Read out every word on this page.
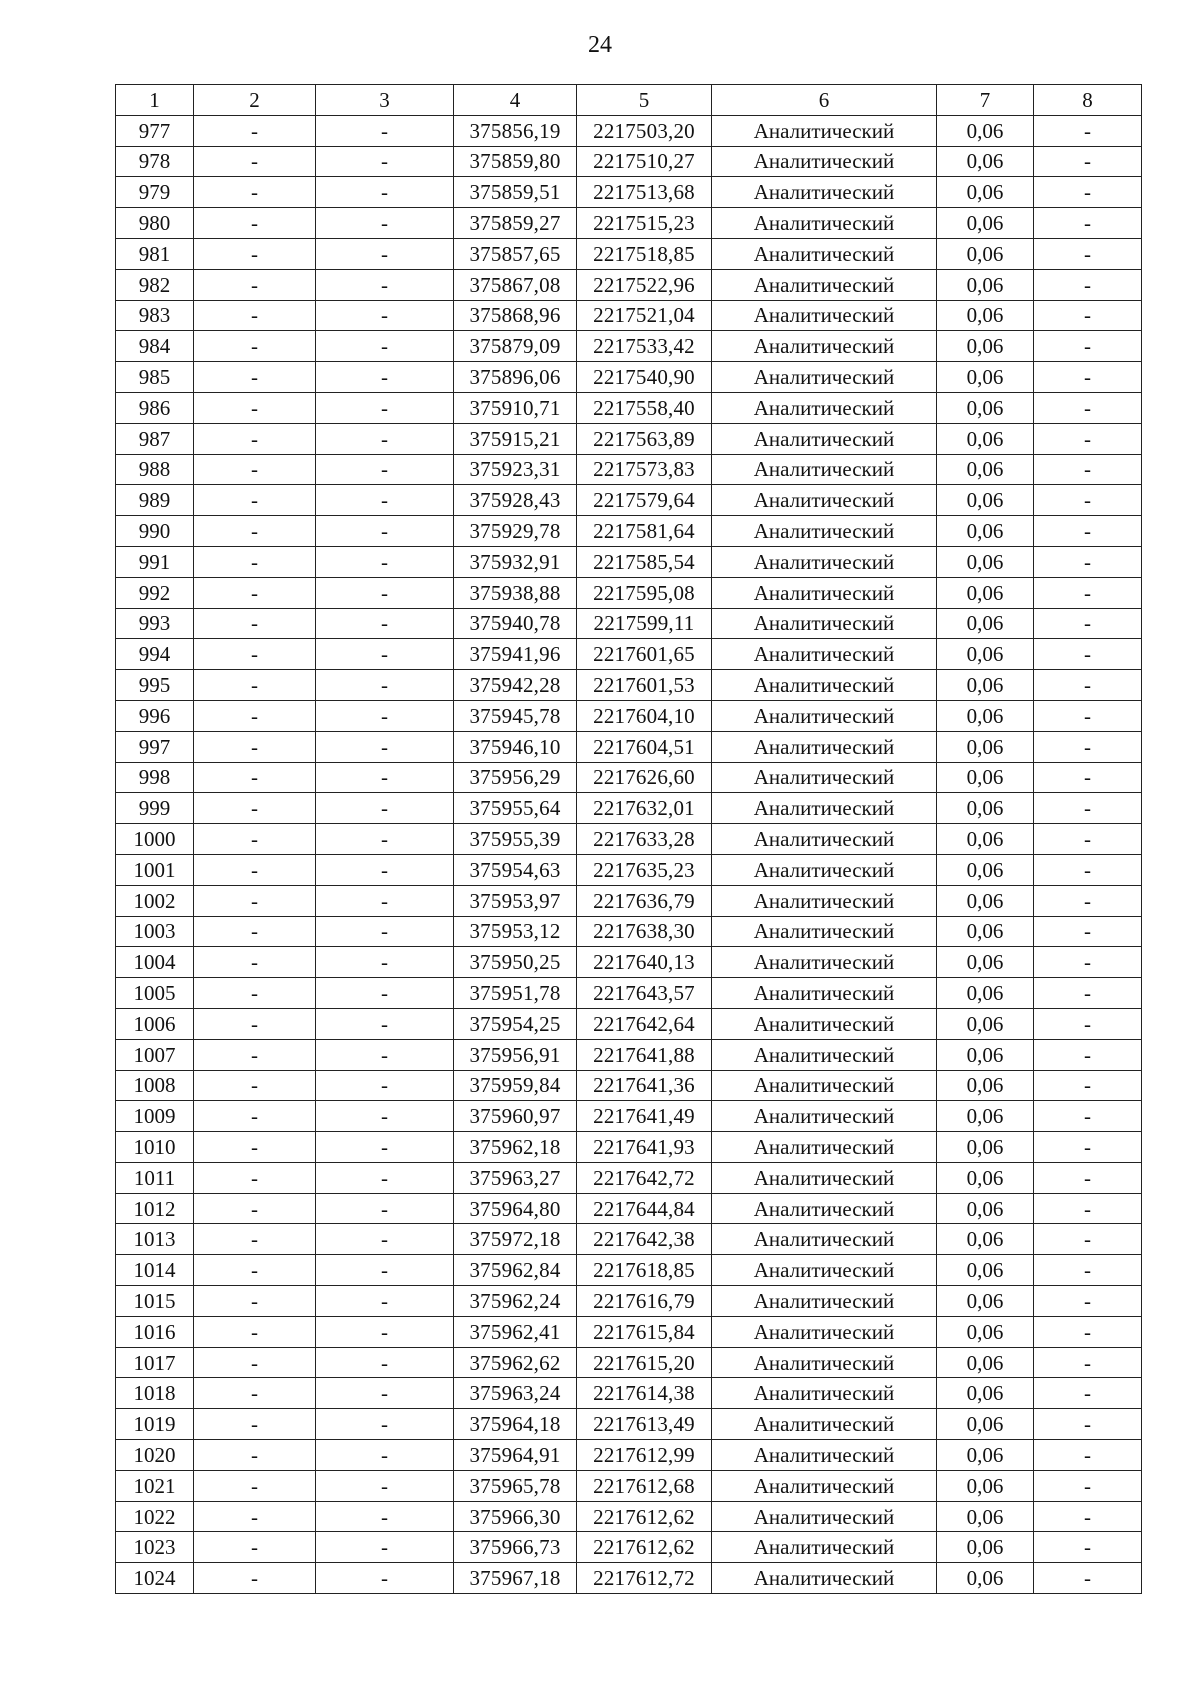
24
1	2	3	4	5	6	7	8
977	-	-	375856,19	2217503,20	Аналитический	0,06	-
978	-	-	375859,80	2217510,27	Аналитический	0,06	-
979	-	-	375859,51	2217513,68	Аналитический	0,06	-
980	-	-	375859,27	2217515,23	Аналитический	0,06	-
981	-	-	375857,65	2217518,85	Аналитический	0,06	-
982	-	-	375867,08	2217522,96	Аналитический	0,06	-
983	-	-	375868,96	2217521,04	Аналитический	0,06	-
984	-	-	375879,09	2217533,42	Аналитический	0,06	-
985	-	-	375896,06	2217540,90	Аналитический	0,06	-
986	-	-	375910,71	2217558,40	Аналитический	0,06	-
987	-	-	375915,21	2217563,89	Аналитический	0,06	-
988	-	-	375923,31	2217573,83	Аналитический	0,06	-
989	-	-	375928,43	2217579,64	Аналитический	0,06	-
990	-	-	375929,78	2217581,64	Аналитический	0,06	-
991	-	-	375932,91	2217585,54	Аналитический	0,06	-
992	-	-	375938,88	2217595,08	Аналитический	0,06	-
993	-	-	375940,78	2217599,11	Аналитический	0,06	-
994	-	-	375941,96	2217601,65	Аналитический	0,06	-
995	-	-	375942,28	2217601,53	Аналитический	0,06	-
996	-	-	375945,78	2217604,10	Аналитический	0,06	-
997	-	-	375946,10	2217604,51	Аналитический	0,06	-
998	-	-	375956,29	2217626,60	Аналитический	0,06	-
999	-	-	375955,64	2217632,01	Аналитический	0,06	-
1000	-	-	375955,39	2217633,28	Аналитический	0,06	-
1001	-	-	375954,63	2217635,23	Аналитический	0,06	-
1002	-	-	375953,97	2217636,79	Аналитический	0,06	-
1003	-	-	375953,12	2217638,30	Аналитический	0,06	-
1004	-	-	375950,25	2217640,13	Аналитический	0,06	-
1005	-	-	375951,78	2217643,57	Аналитический	0,06	-
1006	-	-	375954,25	2217642,64	Аналитический	0,06	-
1007	-	-	375956,91	2217641,88	Аналитический	0,06	-
1008	-	-	375959,84	2217641,36	Аналитический	0,06	-
1009	-	-	375960,97	2217641,49	Аналитический	0,06	-
1010	-	-	375962,18	2217641,93	Аналитический	0,06	-
1011	-	-	375963,27	2217642,72	Аналитический	0,06	-
1012	-	-	375964,80	2217644,84	Аналитический	0,06	-
1013	-	-	375972,18	2217642,38	Аналитический	0,06	-
1014	-	-	375962,84	2217618,85	Аналитический	0,06	-
1015	-	-	375962,24	2217616,79	Аналитический	0,06	-
1016	-	-	375962,41	2217615,84	Аналитический	0,06	-
1017	-	-	375962,62	2217615,20	Аналитический	0,06	-
1018	-	-	375963,24	2217614,38	Аналитический	0,06	-
1019	-	-	375964,18	2217613,49	Аналитический	0,06	-
1020	-	-	375964,91	2217612,99	Аналитический	0,06	-
1021	-	-	375965,78	2217612,68	Аналитический	0,06	-
1022	-	-	375966,30	2217612,62	Аналитический	0,06	-
1023	-	-	375966,73	2217612,62	Аналитический	0,06	-
1024	-	-	375967,18	2217612,72	Аналитический	0,06	-
